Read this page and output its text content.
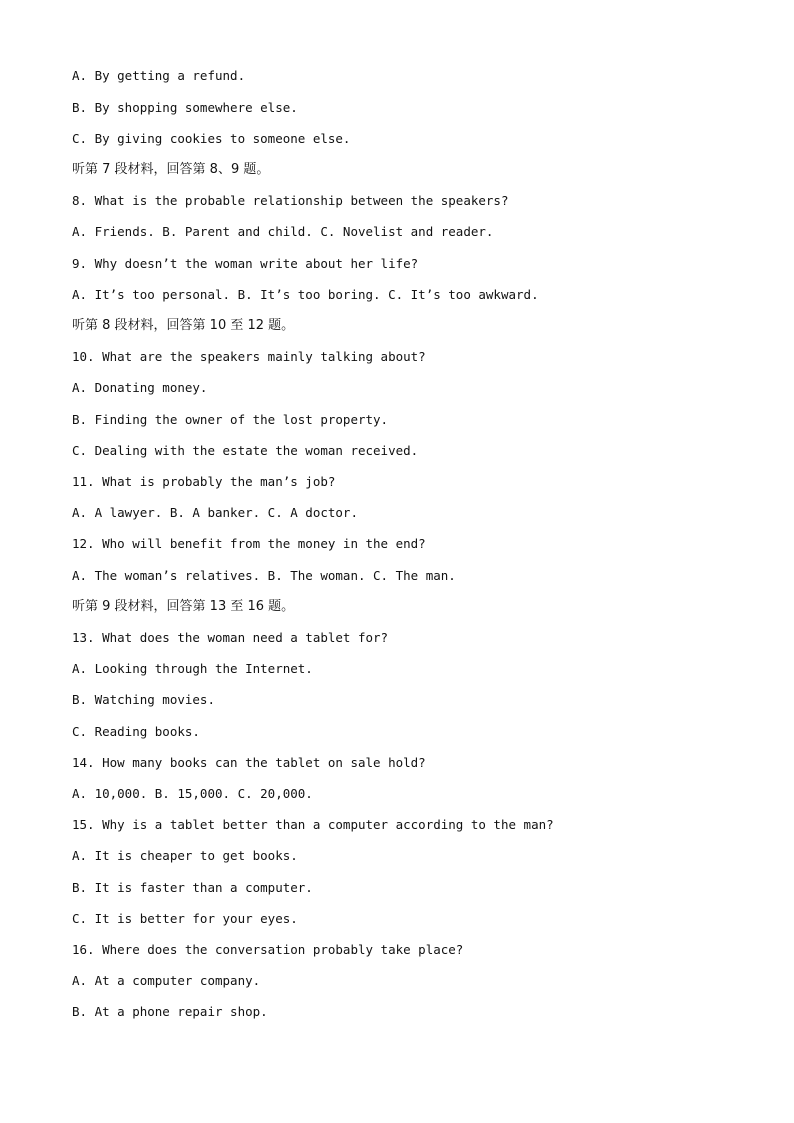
A. By getting a refund.
B. By shopping somewhere else.
C. By giving cookies to someone else.
听第 7 段材料，回答第 8、9 题。
8. What is the probable relationship between the speakers?
A. Friends. B. Parent and child. C. Novelist and reader.
9. Why doesn’t the woman write about her life?
A. It’s too personal. B. It’s too boring. C. It’s too awkward.
听第 8 段材料，回答第 10 至 12 题。
10. What are the speakers mainly talking about?
A. Donating money.
B. Finding the owner of the lost property.
C. Dealing with the estate the woman received.
11. What is probably the man’s job?
A. A lawyer. B. A banker. C. A doctor.
12. Who will benefit from the money in the end?
A. The woman’s relatives. B. The woman. C. The man.
听第 9 段材料，回答第 13 至 16 题。
13. What does the woman need a tablet for?
A. Looking through the Internet.
B. Watching movies.
C. Reading books.
14. How many books can the tablet on sale hold?
A. 10,000. B. 15,000. C. 20,000.
15. Why is a tablet better than a computer according to the man?
A. It is cheaper to get books.
B. It is faster than a computer.
C. It is better for your eyes.
16. Where does the conversation probably take place?
A. At a computer company.
B. At a phone repair shop.
